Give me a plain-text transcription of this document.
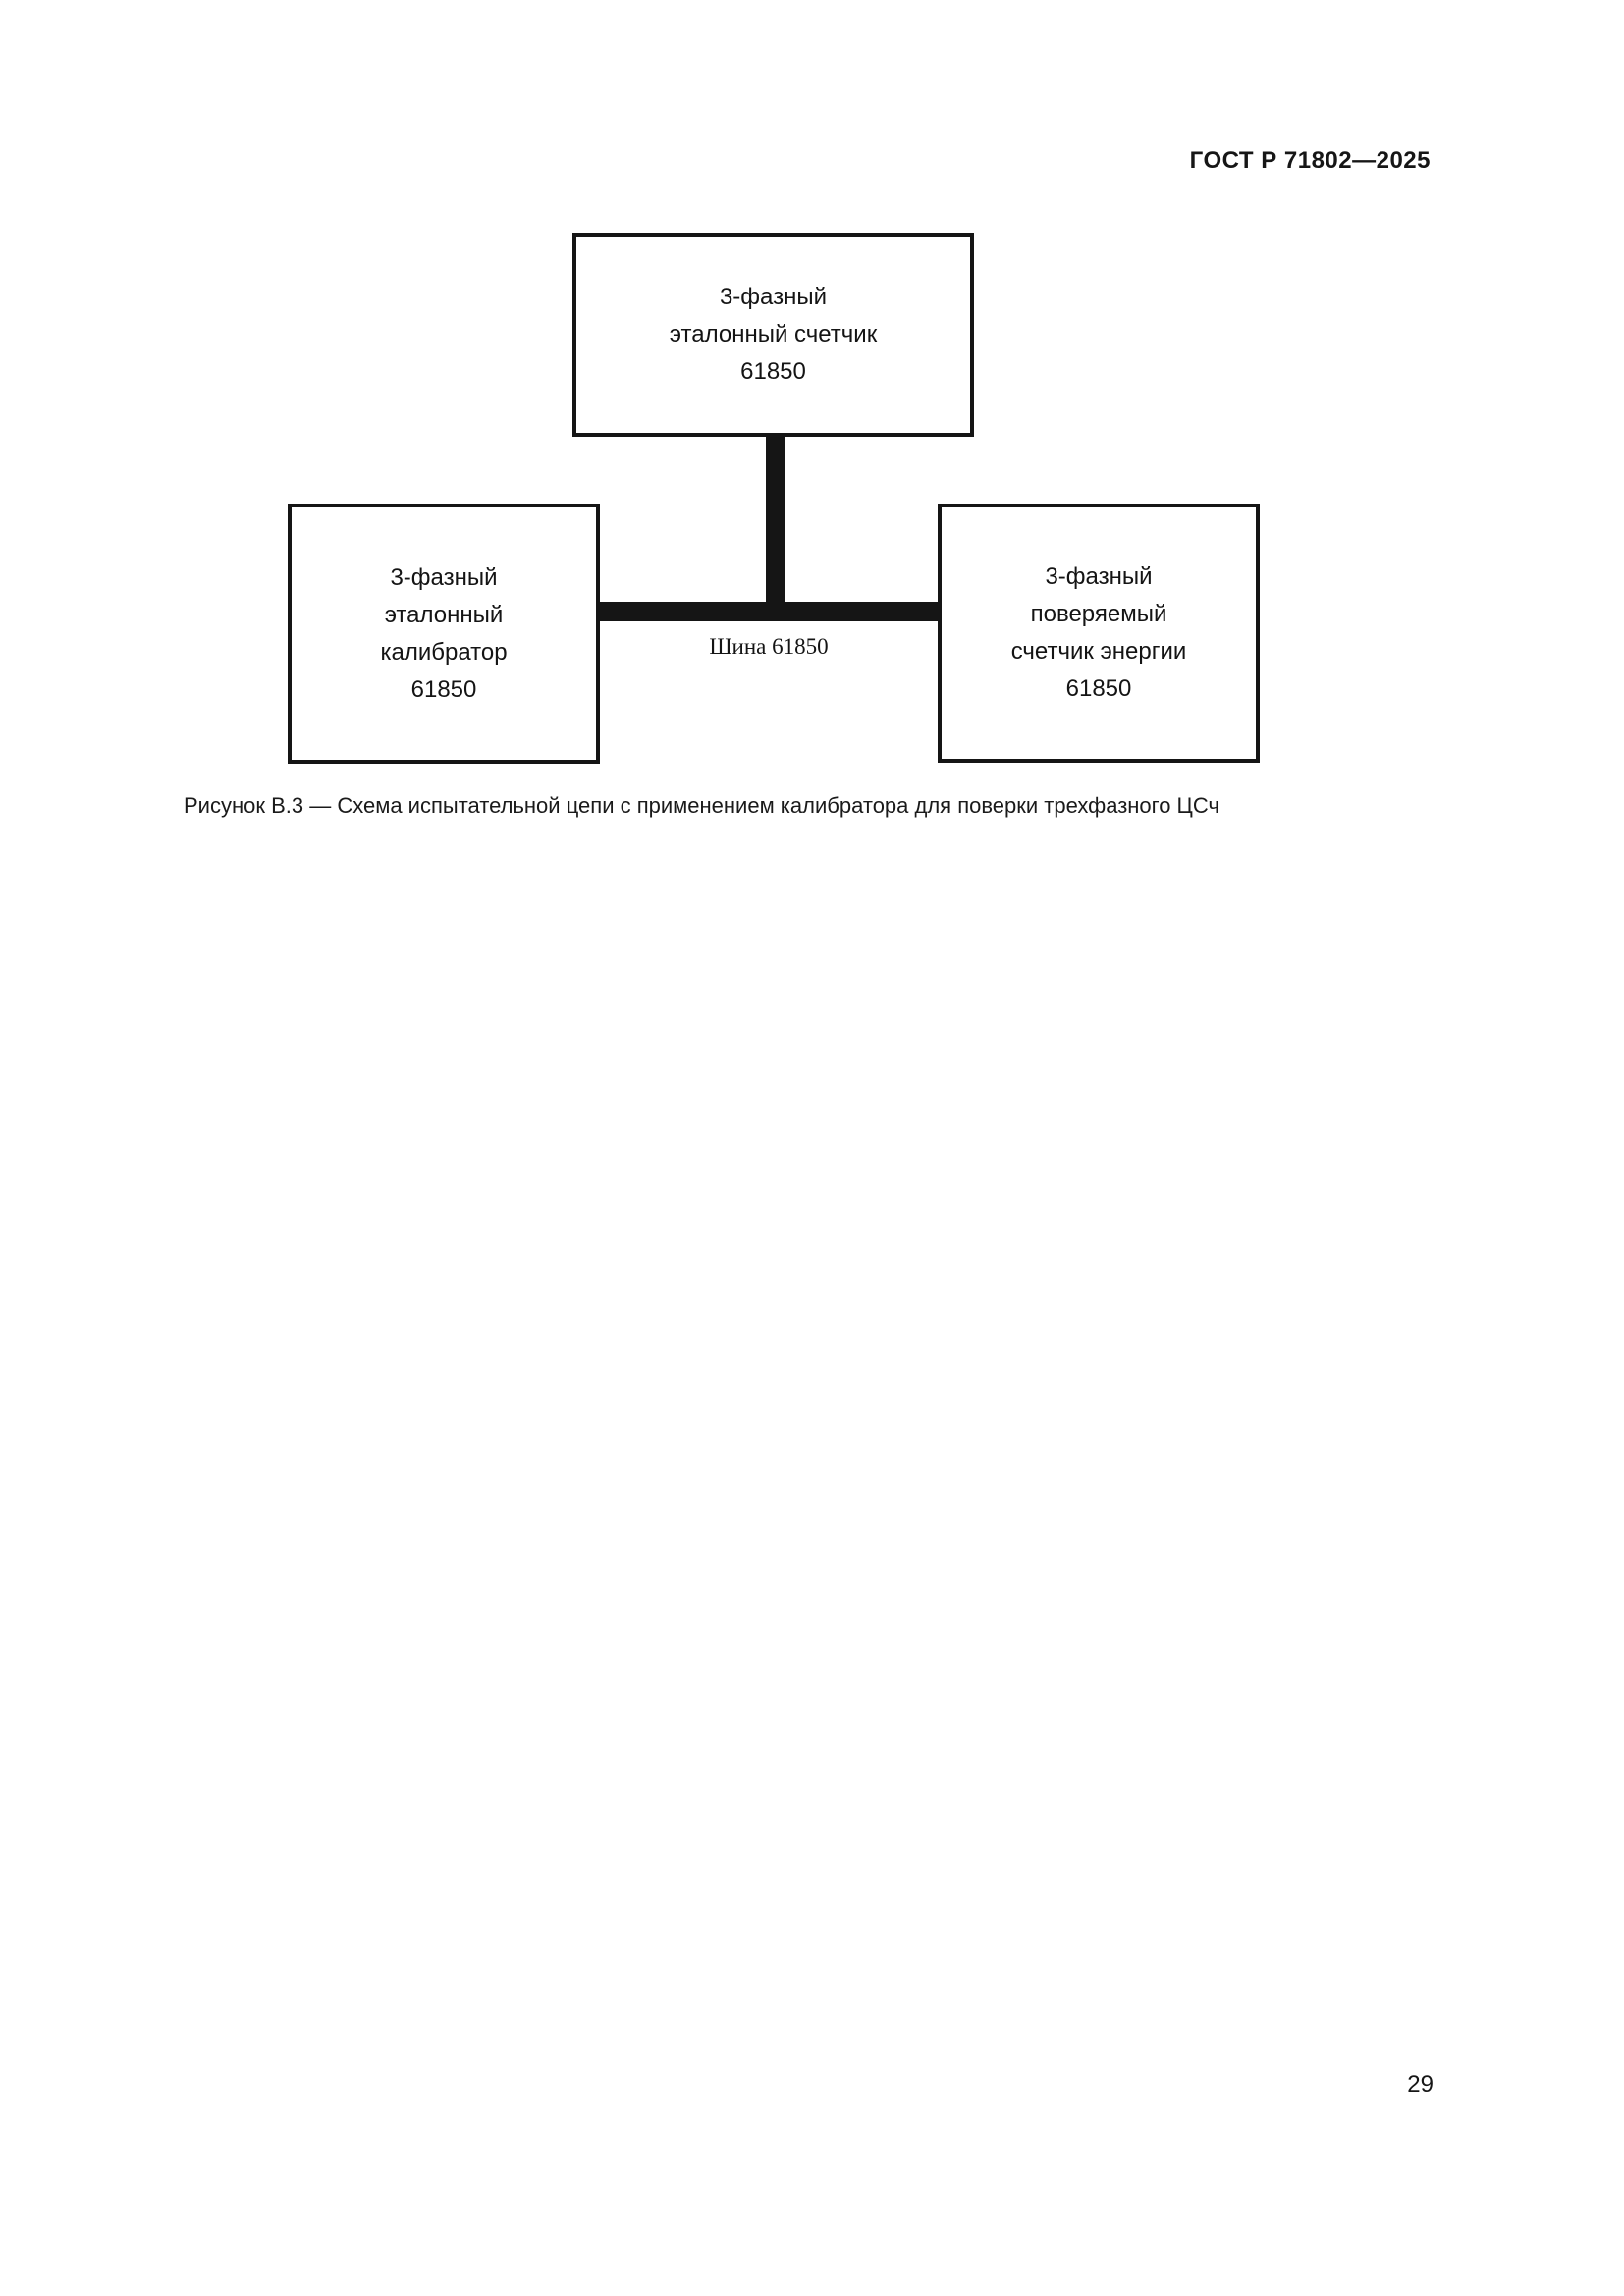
ГОСТ Р 71802—2025
3-фазный
эталонный счетчик
61850
3-фазный
эталонный
калибратор
61850
3-фазный
поверяемый
счетчик энергии
61850
Шина 61850
Рисунок В.3 — Схема испытательной цепи с применением калибратора для поверки трехфазного ЦСч
29
